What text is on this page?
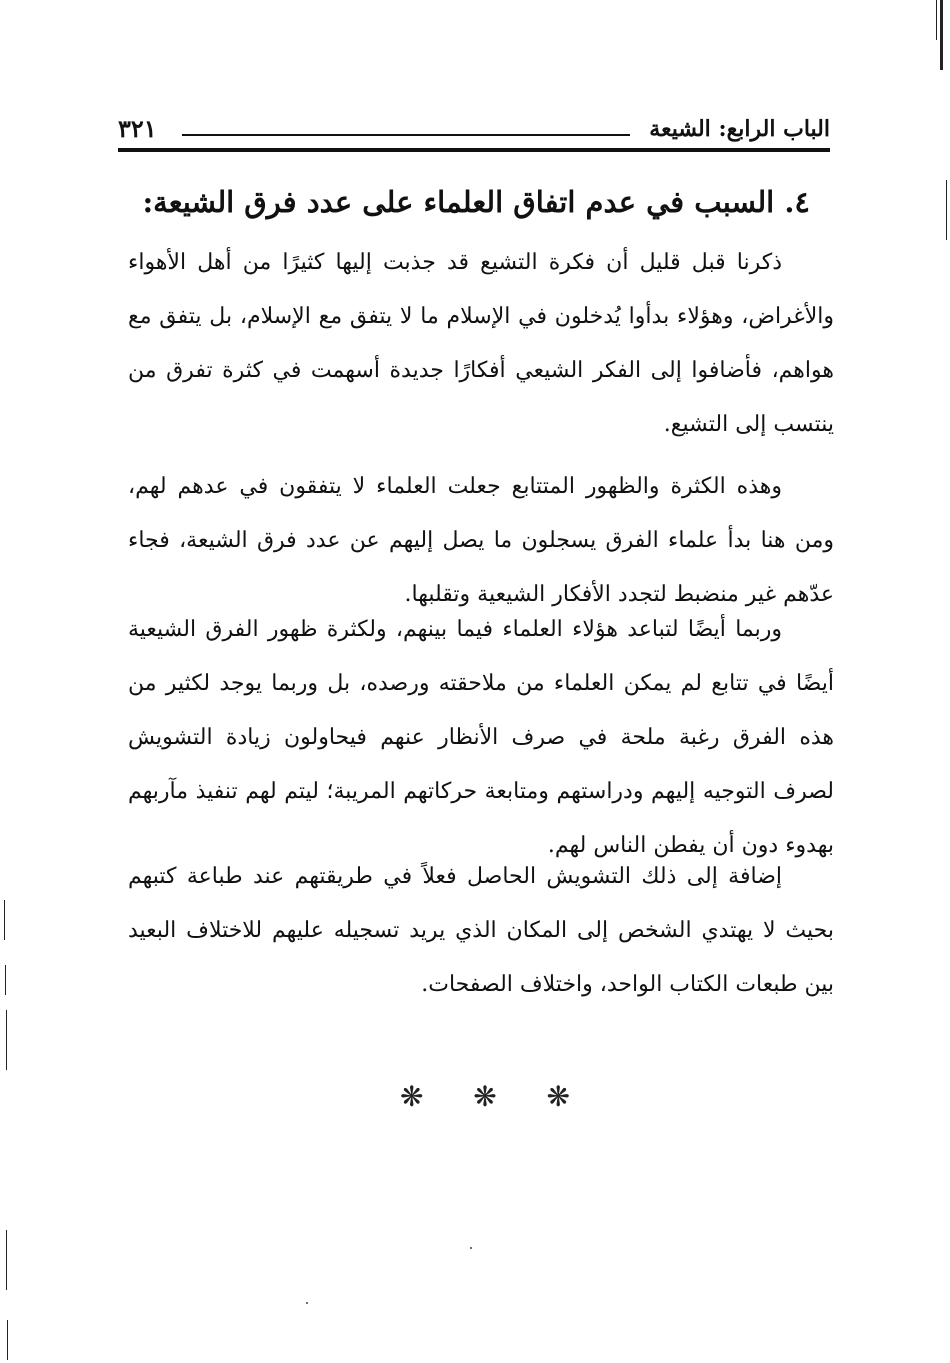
الباب الرابع: الشيعة
٣٢١
٤. السبب في عدم اتفاق العلماء على عدد فرق الشيعة:
ذكرنا قبل قليل أن فكرة التشيع قد جذبت إليها كثيرًا من أهل الأهواء والأغراض، وهؤلاء بدأوا يُدخلون في الإسلام ما لا يتفق مع الإسلام، بل يتفق مع هواهم، فأضافوا إلى الفكر الشيعي أفكارًا جديدة أسهمت في كثرة تفرق من ينتسب إلى التشيع.
وهذه الكثرة والظهور المتتابع جعلت العلماء لا يتفقون في عدهم لهم، ومن هنا بدأ علماء الفرق يسجلون ما يصل إليهم عن عدد فرق الشيعة، فجاء عدّهم غير منضبط لتجدد الأفكار الشيعية وتقلبها.
وربما أيضًا لتباعد هؤلاء العلماء فيما بينهم، ولكثرة ظهور الفرق الشيعية أيضًا في تتابع لم يمكن العلماء من ملاحقته ورصده، بل وربما يوجد لكثير من هذه الفرق رغبة ملحة في صرف الأنظار عنهم فيحاولون زيادة التشويش لصرف التوجيه إليهم ودراستهم ومتابعة حركاتهم المريبة؛ ليتم لهم تنفيذ مآربهم بهدوء دون أن يفطن الناس لهم.
إضافة إلى ذلك التشويش الحاصل فعلاً في طريقتهم عند طباعة كتبهم بحيث لا يهتدي الشخص إلى المكان الذي يريد تسجيله عليهم للاختلاف البعيد بين طبعات الكتاب الواحد، واختلاف الصفحات.
❋ ❋ ❋
